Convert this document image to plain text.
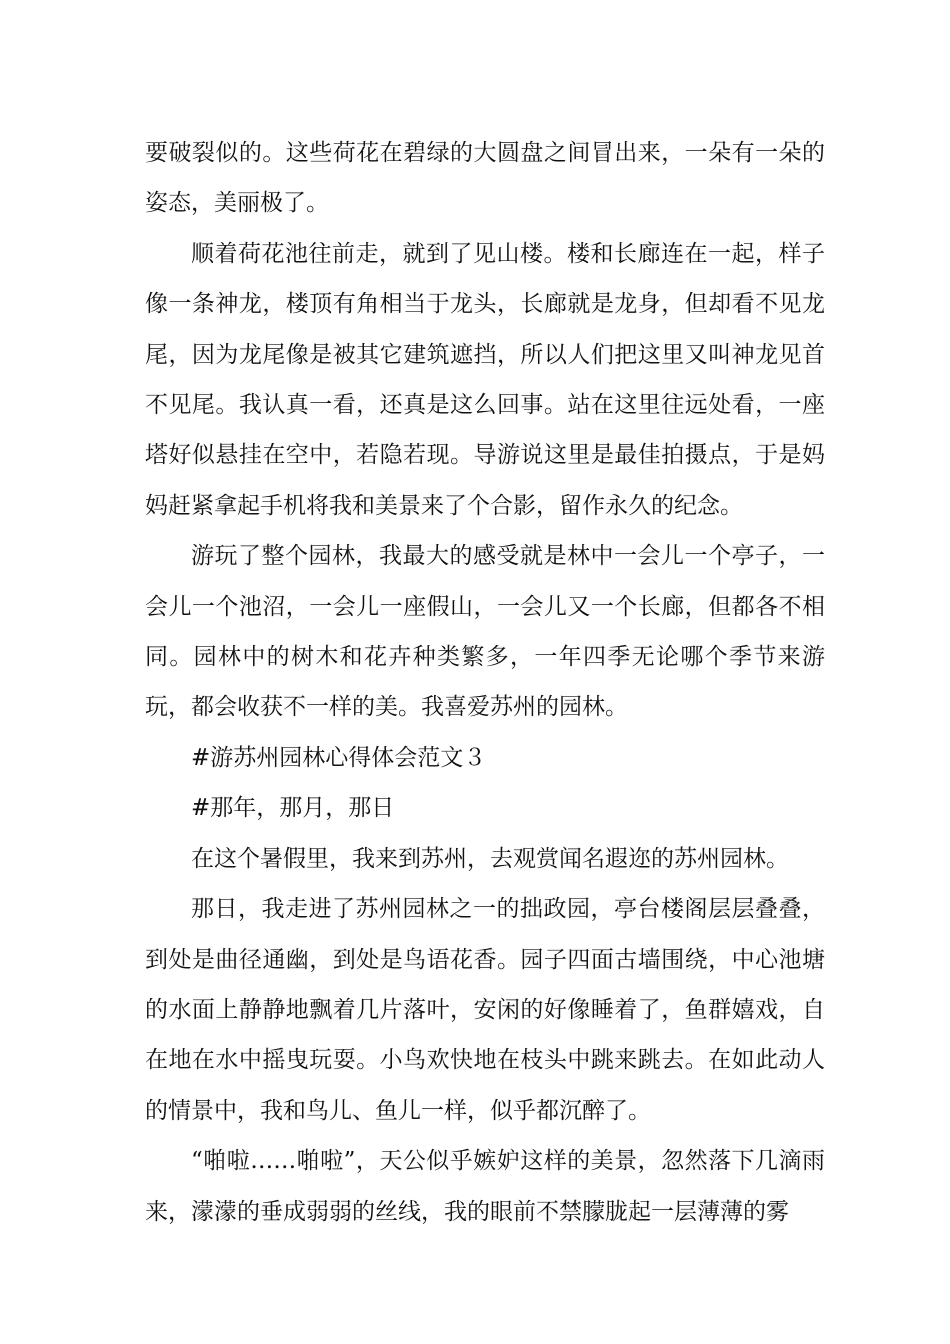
要破裂似的。这些荷花在碧绿的大圆盘之间冒出来，一朵有一朵的姿态，美丽极了。

顺着荷花池往前走，就到了见山楼。楼和长廊连在一起，样子像一条神龙，楼顶有角相当于龙头，长廊就是龙身，但却看不见龙尾，因为龙尾像是被其它建筑遮挡，所以人们把这里又叫神龙见首不见尾。我认真一看，还真是这么回事。站在这里往远处看，一座塔好似悬挂在空中，若隐若现。导游说这里是最佳拍摄点，于是妈妈赶紧拿起手机将我和美景来了个合影，留作永久的纪念。

游玩了整个园林，我最大的感受就是林中一会儿一个亭子，一会儿一个池沼，一会儿一座假山，一会儿又一个长廊，但都各不相同。园林中的树木和花卉种类繁多，一年四季无论哪个季节来游玩，都会收获不一样的美。我喜爱苏州的园林。

#游苏州园林心得体会范文３

#那年，那月，那日

在这个暑假里，我来到苏州，去观赏闻名遐迩的苏州园林。

那日，我走进了苏州园林之一的拙政园，亭台楼阁层层叠叠，到处是曲径通幽，到处是鸟语花香。园子四面古墙围绕，中心池塘的水面上静静地飘着几片落叶，安闲的好像睡着了，鱼群嬉戏，自在地在水中摇曳玩耍。小鸟欢快地在枝头中跳来跳去。在如此动人的情景中，我和鸟儿、鱼儿一样，似乎都沉醉了。

“啪啦……啪啦”，天公似乎嫉妒这样的美景，忽然落下几滴雨来，濛濛的垂成弱弱的丝线，我的眼前不禁朦胧起一层薄薄的雾
